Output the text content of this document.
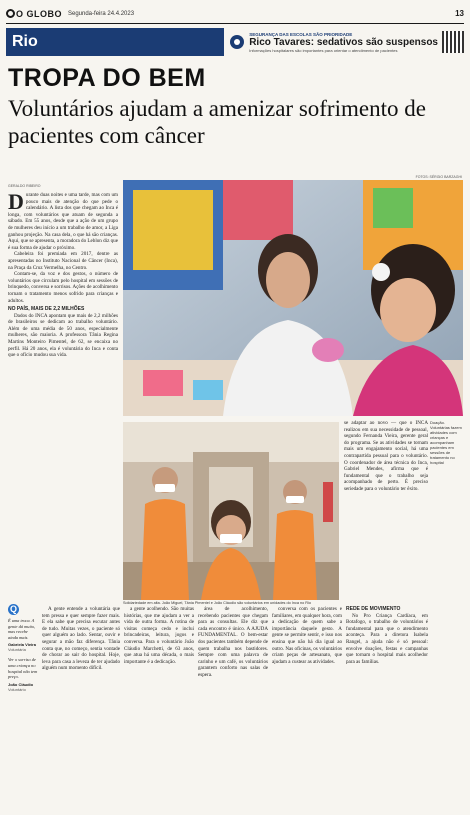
O GLOBO Segunda-feira 24.4.2023	13
Rio	SEGURANÇA DAS ESCOLAS SÃO PRIORIDADE
Rico Tavares: sedativos são suspensos
Informações hospitalares são importantes para orientar o atendimento de pacientes
TROPA DO BEM
Voluntários ajudam a amenizar sofrimento de pacientes com câncer
GERALDO RIBEIRO
FOTOS: SÉRGIO BARZAGHI
D urante duas noites e uma tarde, mas com um pouco mais de atenção do que pede o calendário. A lista dos que chegam ao Inca é longa, com voluntários que atuam de segunda a sábado. Em 55 anos, desde que a ação de um grupo de mulheres deu início a um trabalho de amor, a Liga ganhou projeção. Na casa dela, o que há são crianças. Aqui, que se apresenta, a moradora do Leblon diz que é sua forma de ajudar o próximo.

Cabeleira foi premiada em 2017, dentre as apresentadas no Instituto Nacional de Câncer (Inca), na Praça da Cruz Vermelha, no Centro.

Contam-se, da voz e dos gestos, o número de voluntários que circulam pelo hospital em sessões de brinquedo, conversa e sorrisos. Ações de acolhimento tornam o tratamento menos sofrido para crianças e adultos.

NO PAÍS, MAIS DE 2,2 MILHÕES

Dados do INCA apontam que mais de 2,2 milhões de brasileiros se dedicam ao trabalho voluntário. Além de uma média de 50 anos, especialmente mulheres, são maioria. A professora Tânia Regina Martins Monteiro Pimentel, de 62, se encaixa no perfil. Há 20 anos, ela é voluntária do Inca e conta que o ofício mudou sua vida.

Solidariedade em alta. João Miguel, Tânia Pimentel e João Cláudio são voluntários em unidades do Inca no Rio

se adaptar ao novo — que o INCA realizou em sua necessidade de pessoal, segundo Fernanda Vieira, gerente geral do programa. Se as atividades se tornam mais um engajamento social, há uma contrapartida pessoal para o voluntário. O coordenador de área técnica do Inca, Gabriel Mendes, afirma que é fundamental que o trabalho seja acompanhado de perto. É preciso seriedade para o voluntário ter êxito.

Doação. Voluntárias fazem atividades com crianças e acompanham pacientes em sessões de tratamento no hospital
Q
É uma troca. A gente dá muito, mas recebe ainda mais.
Gabriela Vieira
Voluntária
Ver o sorriso de uma criança no hospital não tem preço.
João Cláudio
Voluntário

A gente entende a voluntária que tem pressa e quer sempre fazer mais. E ela sabe que precisa escutar antes de tudo. Muitas vezes, o paciente só quer alguém ao lado. Sentar, ouvir e segurar a mão faz diferença. Tânia conta que, no começo, sentia vontade de chorar ao sair do hospital. Hoje, leva para casa a leveza de ter ajudado alguém num momento difícil.

a gente acolhendo. São muitas histórias, que me ajudam a ver a vida de outra forma. A rotina de visitas começa cedo e inclui brincadeiras, leitura, jogos e conversa. Para o voluntário João Cláudio Marchetti, de 63 anos, que atua há uma década, o mais importante é a dedicação.

área de acolhimento, recebendo pacientes que chegam para as consultas. Ele diz que cada encontro é único. A AJUDA FUNDAMENTAL. O bem-estar dos pacientes também depende de quem trabalha nos bastidores. Sempre com uma palavra de carinho e um café, os voluntários garantem conforto nas salas de espera.

conversa com os pacientes e familiares, em qualquer hora, com a dedicação de quem sabe a importância daquele gesto. A gente se permite sentir, e isso nos ensina que não há dia igual ao outro. Nas oficinas, os voluntários criam peças de artesanato, que ajudam a custear as atividades.

REDE DE MOVIMENTO

No Pro Criança Cardíaca, em Botafogo, o trabalho de voluntários é fundamental para que o atendimento aconteça. Para a diretora Isabela Rangel, a ajuda não é só pessoal: envolve doações, festas e campanhas que tornam o hospital mais acolhedor para as famílias.
